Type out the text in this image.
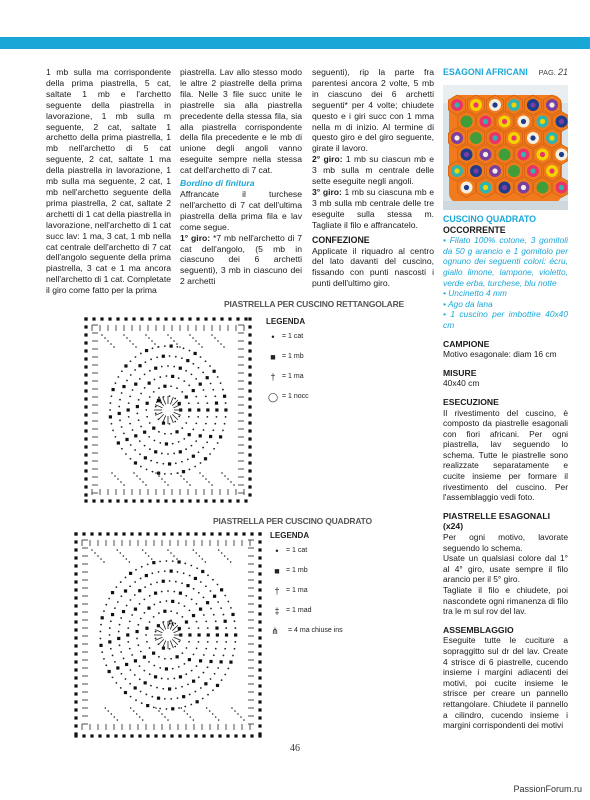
1 mb sulla ma corrispondente della prima piastrella, 5 cat, saltate 1 mb e l'archetto seguente della piastrella in lavorazione, 1 mb sulla m seguente, 2 cat, saltate 1 archetto della prima piastrella, 1 mb nell'archetto di 5 cat seguente, 2 cat, saltate 1 ma della piastrella in lavorazione, 1 mb sulla ma seguente, 2 cat, 1 mb nell'archetto seguente della prima piastrella, 2 cat, saltate 2 archetti di 1 cat della piastrella in lavorazione, nell'archetto di 1 cat succ lav: 1 ma, 3 cat, 1 mb nella cat centrale dell'archetto di 7 cat dell'angolo seguente della prima piastrella, 3 cat e 1 ma ancora nell'archetto di 1 cat. Completate il giro come fatto per la prima

piastrella. Lav allo stesso modo le altre 2 piastrelle della prima fila. Nelle 3 file succ unite le piastrelle sia alla piastrella precedente della stessa fila, sia alla piastrella corrispondente della fila precedente e le mb di unione degli angoli vanno eseguite sempre nella stessa cat dell'archetto di 7 cat.

Bordino di finitura

Affrancate il turchese nell'archetto di 7 cat dell'ultima piastrella della prima fila e lav come segue.

1° giro: *7 mb nell'archetto di 7 cat dell'angolo, (5 mb in ciascuno dei 6 archetti seguenti), 3 mb in ciascuno dei 2 archetti

seguenti), rip la parte fra parentesi ancora 2 volte, 5 mb in ciascuno dei 6 archetti seguenti* per 4 volte; chiudete questo e i giri succ con 1 mma nella m di inizio. Al termine di questo giro e del giro seguente, girate il lavoro.

2° giro: 1 mb su ciascun mb e 3 mb sulla m centrale delle sette eseguite negli angoli.

3° giro: 1 mb su ciascuna mb e 3 mb sulla mb centrale delle tre eseguite sulla stessa m. Tagliate il filo e affrancatelo.

CONFEZIONE

Applicate il riquadro al centro del lato davanti del cuscino, fissando con punti nascosti i punti dell'ultimo giro.

ESAGONI AFRICANI PAG. 21
CUSCINO QUADRATO
OCCORRENTE

• Filato 100% cotone, 3 gomitoli da 50 g arancio e 1 gomitolo per ognuno dei seguenti colori: écru, giallo limone, lampone, violetto, verde erba, turchese, blu notte

• Uncinetto 4 mm

• Ago da lana

• 1 cuscino per imbottire 40x40 cm

CAMPIONE

Motivo esagonale: diam 16 cm

MISURE

40x40 cm

ESECUZIONE

Il rivestimento del cuscino, è composto da piastrelle esagonali con fiori africani. Per ogni piastrella, lav seguendo lo schema. Tutte le piastrelle sono realizzate separatamente e cucite insieme per formare il rivestimento del cuscino. Per l'assemblaggio vedi foto.

PIASTRELLE ESAGONALI (x24)

Per ogni motivo, lavorate seguendo lo schema.

Usate un qualsiasi colore dal 1° al 4° giro, usate sempre il filo arancio per il 5° giro.

Tagliate il filo e chiudete, poi nascondete ogni rimanenza di filo tra le m sul rov del lav.

ASSEMBLAGGIO

Eseguite tutte le cuciture a sopraggitto sul dr del lav. Create 4 strisce di 6 piastrelle, cucendo insieme i margini adiacenti dei motivi, poi cucite insieme le strisce per creare un pannello rettangolare. Chiudete il pannello a cilindro, cucendo insieme i margini corrispondenti dei motivi

PIASTRELLA PER CUSCINO RETTANGOLARE
A
LEGENDA
•	= 1 cat
■ = 1 mb
† = 1 ma
◯ = 1 nocc
PIASTRELLA PER CUSCINO QUADRATO
A
LEGENDA
•	= 1 cat
■ = 1 mb
† = 1 ma
‡ = 1 mad
⋔	= 4 ma chiuse ins
46
PassionForum.ru
